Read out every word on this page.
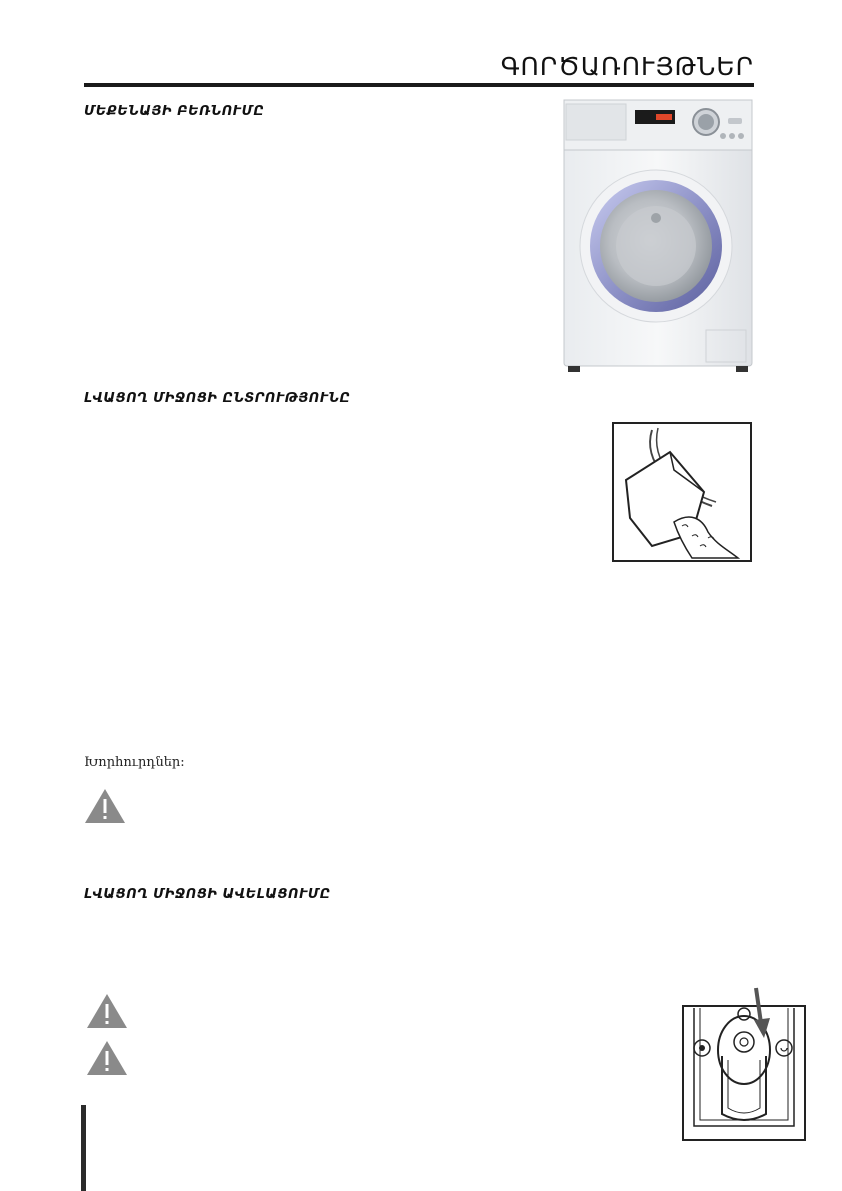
ԳՈՐԾԱՌՈՒՅԹՆԵՐ
ՄԵՔԵՆԱՅԻ ԲԵՌՆՈՒՄԸ
ԼՎԱՑՈՂ ՄԻՋՈՑԻ ԸՆՏՐՈՒԹՅՈՒՆԸ
Խորհուրդներ:
ԼՎԱՑՈՂ ՄԻՋՈՑԻ ԱՎԵԼԱՑՈՒՄԸ
